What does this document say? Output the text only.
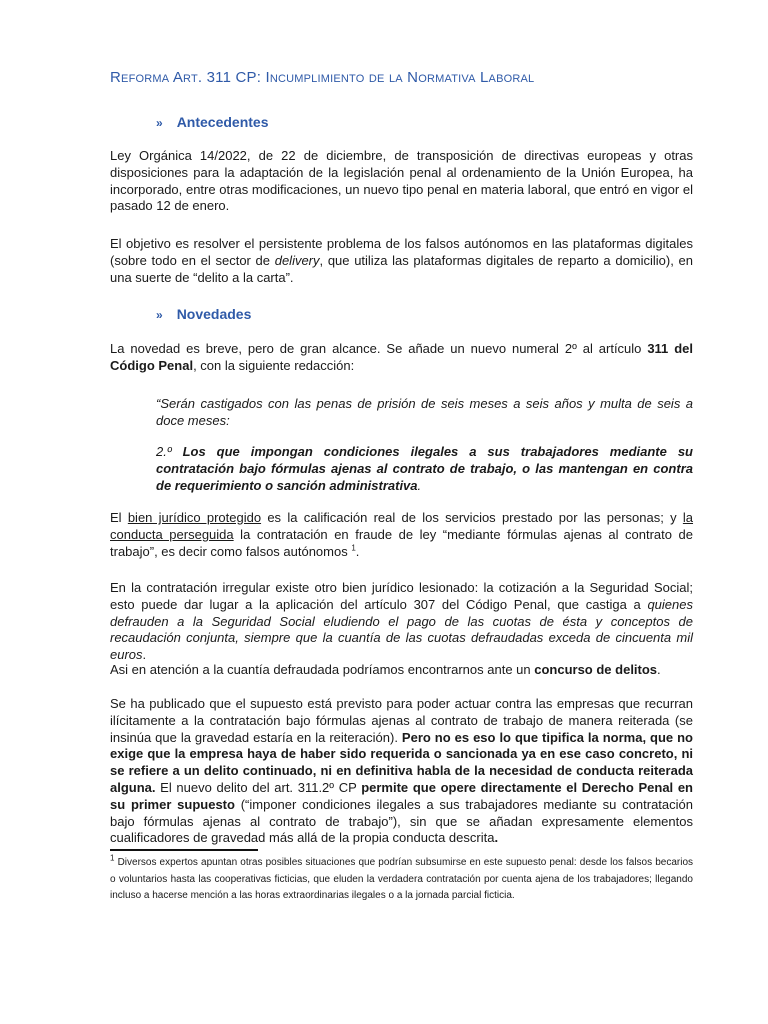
Reforma Art. 311 CP: Incumplimiento de la Normativa Laboral
» Antecedentes

Ley Orgánica 14/2022, de 22 de diciembre, de transposición de directivas europeas y otras disposiciones para la adaptación de la legislación penal al ordenamiento de la Unión Europea, ha incorporado, entre otras modificaciones, un nuevo tipo penal en materia laboral, que entró en vigor el pasado 12 de enero.

El objetivo es resolver el persistente problema de los falsos autónomos en las plataformas digitales (sobre todo en el sector de delivery, que utiliza las plataformas digitales de reparto a domicilio), en una suerte de “delito a la carta”.

» Novedades

La novedad es breve, pero de gran alcance. Se añade un nuevo numeral 2º al artículo 311 del Código Penal, con la siguiente redacción:

“Serán castigados con las penas de prisión de seis meses a seis años y multa de seis a doce meses:

2.º Los que impongan condiciones ilegales a sus trabajadores mediante su contratación bajo fórmulas ajenas al contrato de trabajo, o las mantengan en contra de requerimiento o sanción administrativa.

El bien jurídico protegido es la calificación real de los servicios prestado por las personas; y la conducta perseguida la contratación en fraude de ley “mediante fórmulas ajenas al contrato de trabajo”, es decir como falsos autónomos $^1$.

En la contratación irregular existe otro bien jurídico lesionado: la cotización a la Seguridad Social; esto puede dar lugar a la aplicación del artículo 307 del Código Penal, que castiga a quienes defrauden a la Seguridad Social eludiendo el pago de las cuotas de ésta y conceptos de recaudación conjunta, siempre que la cuantía de las cuotas defraudadas exceda de cincuenta mil euros.

Asi en atención a la cuantía defraudada podríamos encontrarnos ante un concurso de delitos.

Se ha publicado que el supuesto está previsto para poder actuar contra las empresas que recurran ilícitamente a la contratación bajo fórmulas ajenas al contrato de trabajo de manera reiterada (se insinúa que la gravedad estaría en la reiteración). Pero no es eso lo que tipifica la norma, que no exige que la empresa haya de haber sido requerida o sancionada ya en ese caso concreto, ni se refiere a un delito continuado, ni en definitiva habla de la necesidad de conducta reiterada alguna. El nuevo delito del art. 311.2º CP permite que opere directamente el Derecho Penal en su primer supuesto (“imponer condiciones ilegales a sus trabajadores mediante su contratación bajo fórmulas ajenas al contrato de trabajo”), sin que se añadan expresamente elementos cualificadores de gravedad más allá de la propia conducta descrita.

$^1$ Diversos expertos apuntan otras posibles situaciones que podrían subsumirse en este supuesto penal: desde los falsos becarios o voluntarios hasta las cooperativas ficticias, que eluden la verdadera contratación por cuenta ajena de los trabajadores; llegando incluso a hacerse mención a las horas extraordinarias ilegales o a la jornada parcial ficticia.
